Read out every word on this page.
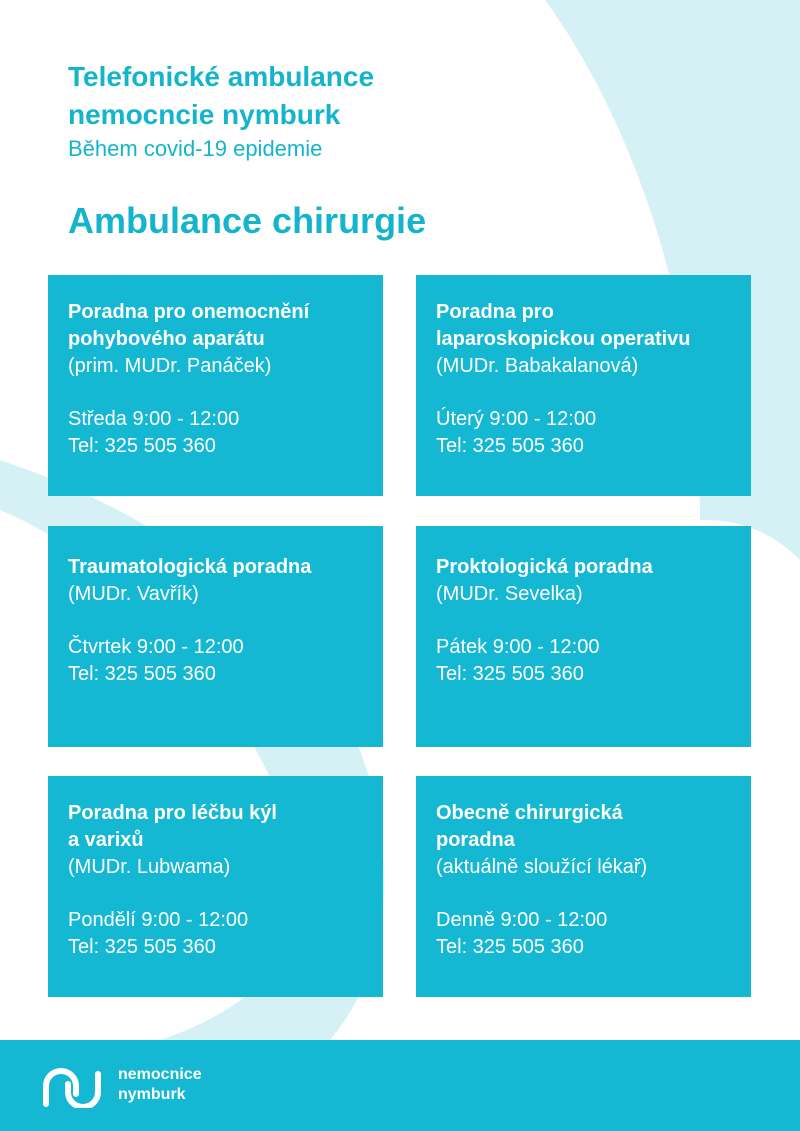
Telefonické ambulance

nemocncie nymburk

Během covid-19 epidemie

Ambulance chirurgie

Poradna pro onemocnění

pohybového aparátu

(prim. MUDr. Panáček)

Středa 9:00 - 12:00

Tel: 325 505 360

Poradna pro

laparoskopickou operativu

(MUDr. Babakalanová)

Úterý 9:00 - 12:00

Tel: 325 505 360

Traumatologická poradna

(MUDr. Vavřík)

Čtvrtek 9:00 - 12:00

Tel: 325 505 360

Proktologická poradna

(MUDr. Sevelka)

Pátek 9:00 - 12:00

Tel: 325 505 360

Poradna pro léčbu kýl

a varixů

(MUDr. Lubwama)

Pondělí 9:00 - 12:00

Tel: 325 505 360

Obecně chirurgická

poradna

(aktuálně sloužící lékař)

Denně 9:00 - 12:00

Tel: 325 505 360

nemocnice
nymburk
